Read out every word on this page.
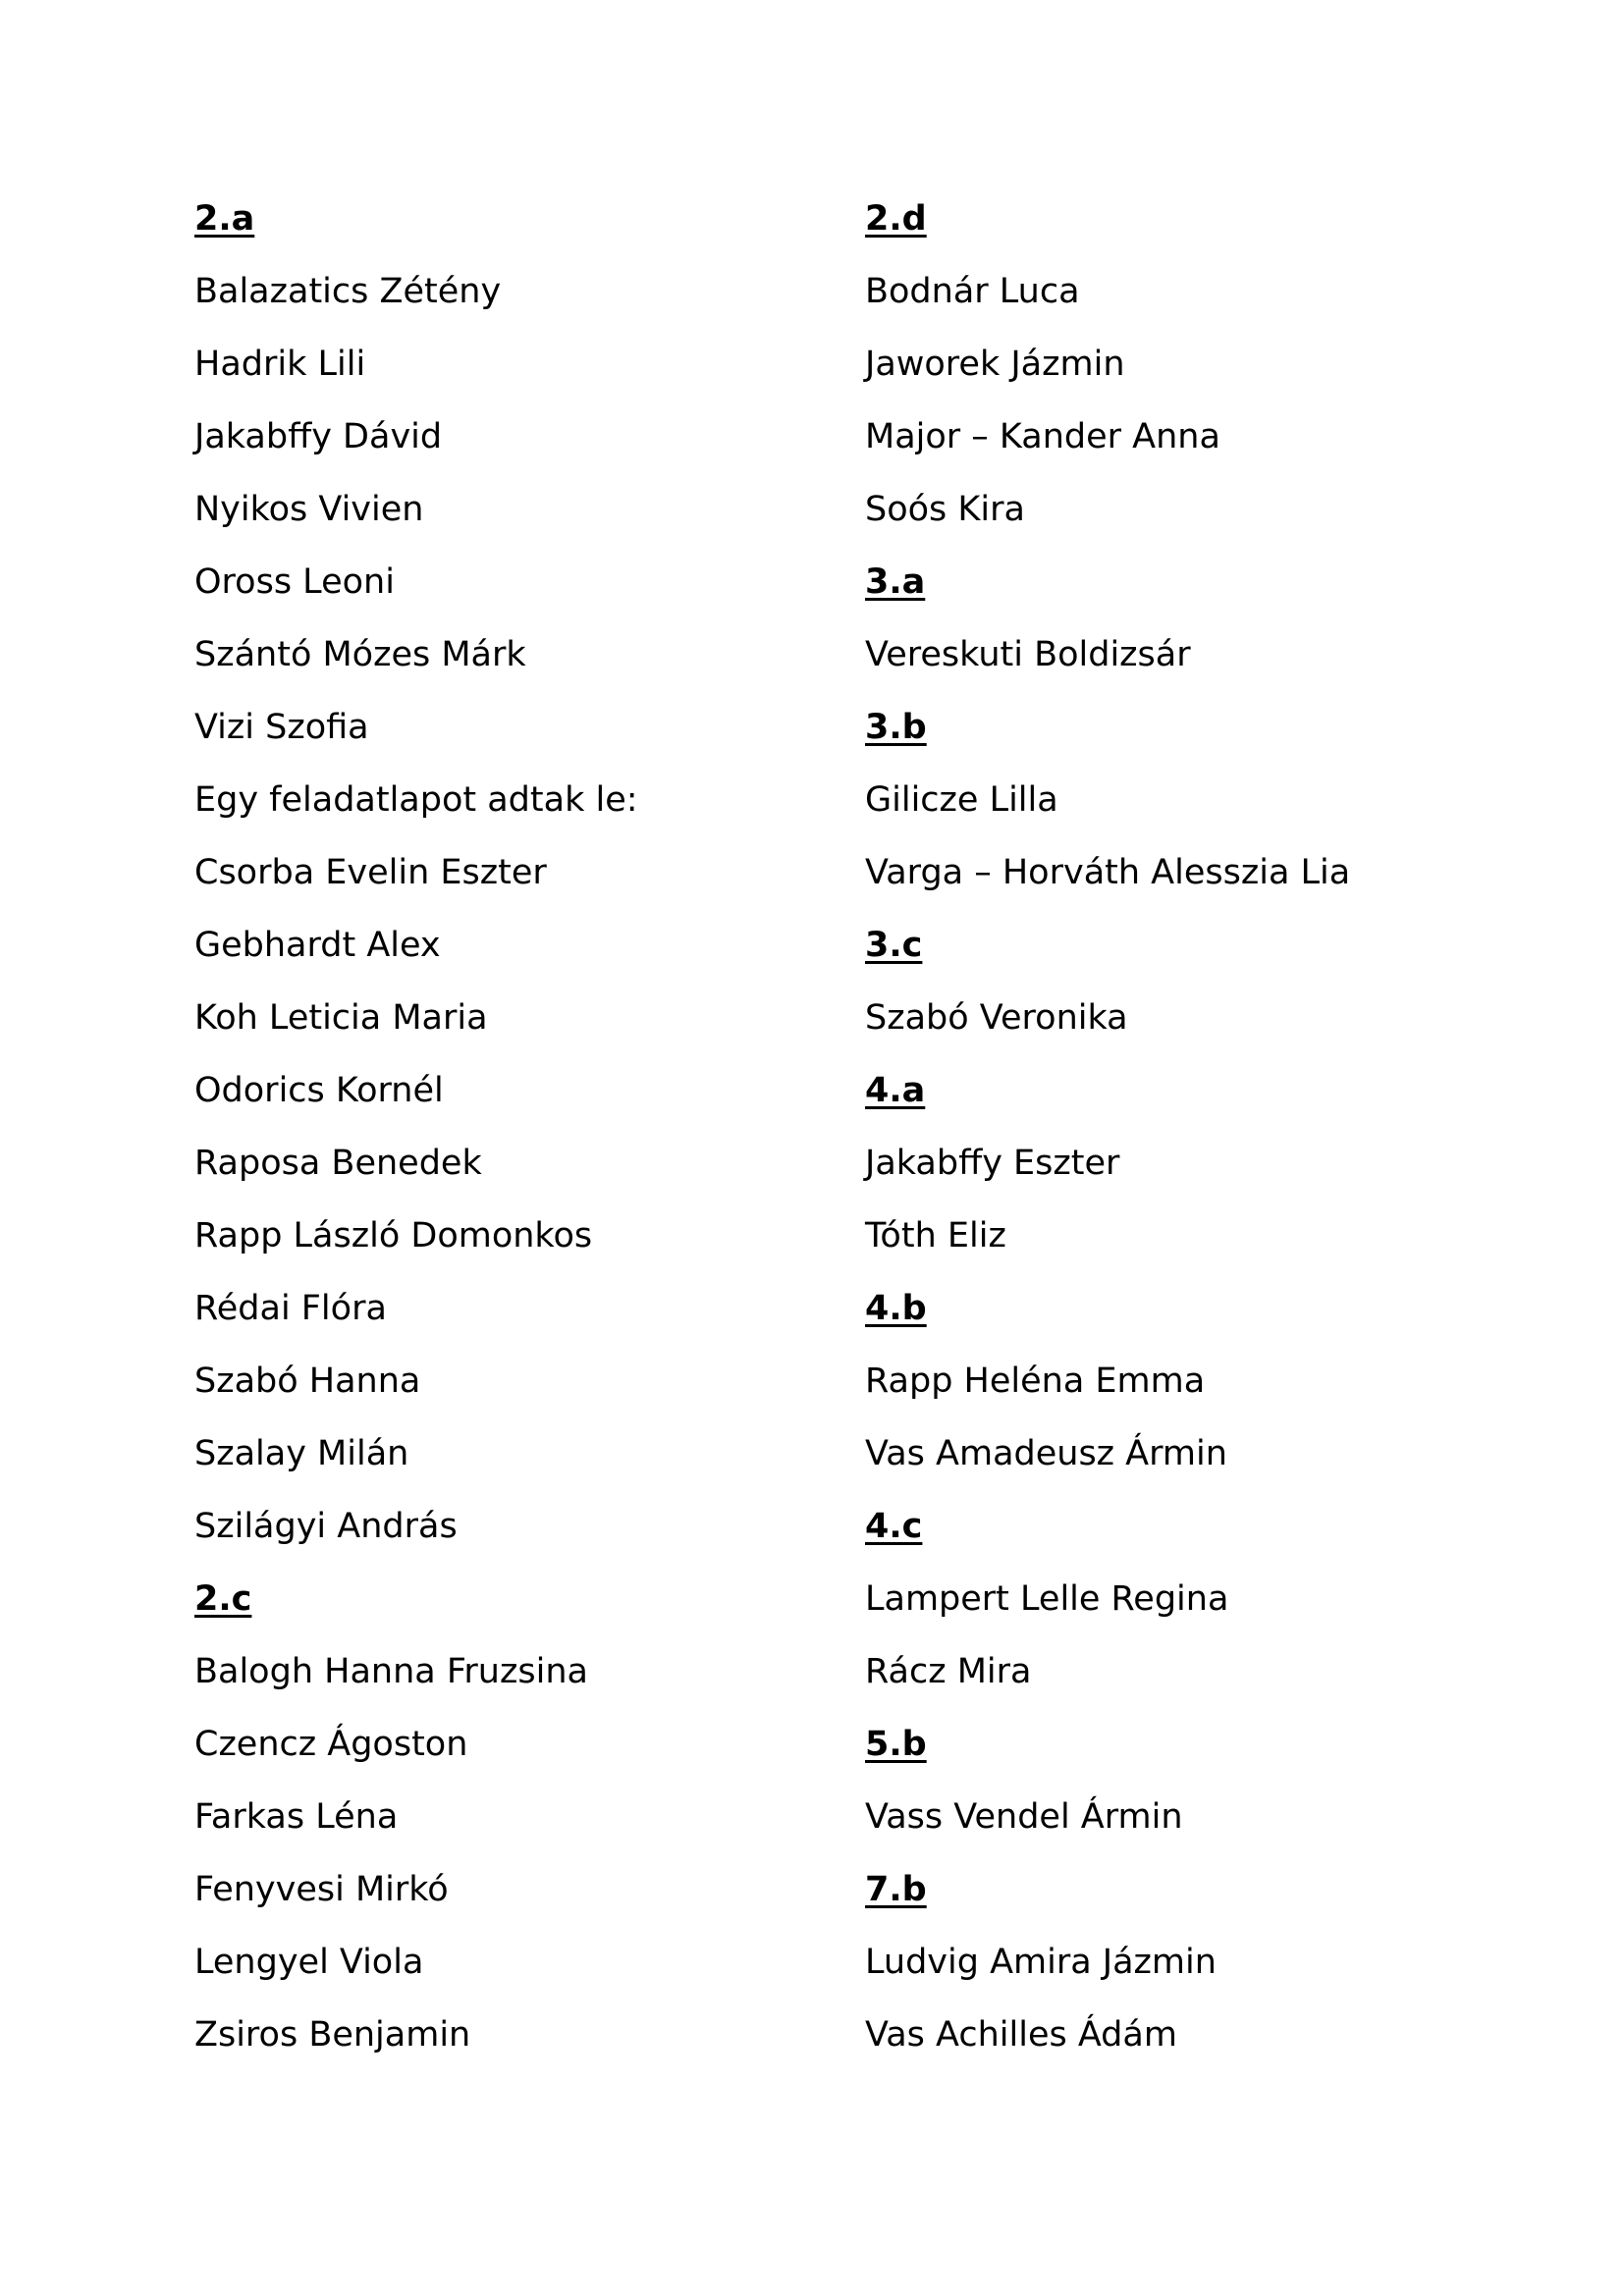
2.a
Balazatics Zétény
Hadrik Lili
Jakabffy Dávid
Nyikos Vivien
Oross Leoni
Szántó Mózes Márk
Vizi Szofia
Egy feladatlapot adtak le:
Csorba Evelin Eszter
Gebhardt Alex
Koh Leticia Maria
Odorics Kornél
Raposa Benedek
Rapp László Domonkos
Rédai Flóra
Szabó Hanna
Szalay Milán
Szilágyi András
2.c
Balogh Hanna Fruzsina
Czencz Ágoston
Farkas Léna
Fenyvesi Mirkó
Lengyel Viola
Zsiros Benjamin
2.d
Bodnár Luca
Jaworek Jázmin
Major – Kander Anna
Soós Kira
3.a
Vereskuti Boldizsár
3.b
Gilicze Lilla
Varga – Horváth Alesszia Lia
3.c
Szabó Veronika
4.a
Jakabffy Eszter
Tóth Eliz
4.b
Rapp Heléna Emma
Vas Amadeusz Ármin
4.c
Lampert Lelle Regina
Rácz Mira
5.b
Vass Vendel Ármin
7.b
Ludvig Amira Jázmin
Vas Achilles Ádám
